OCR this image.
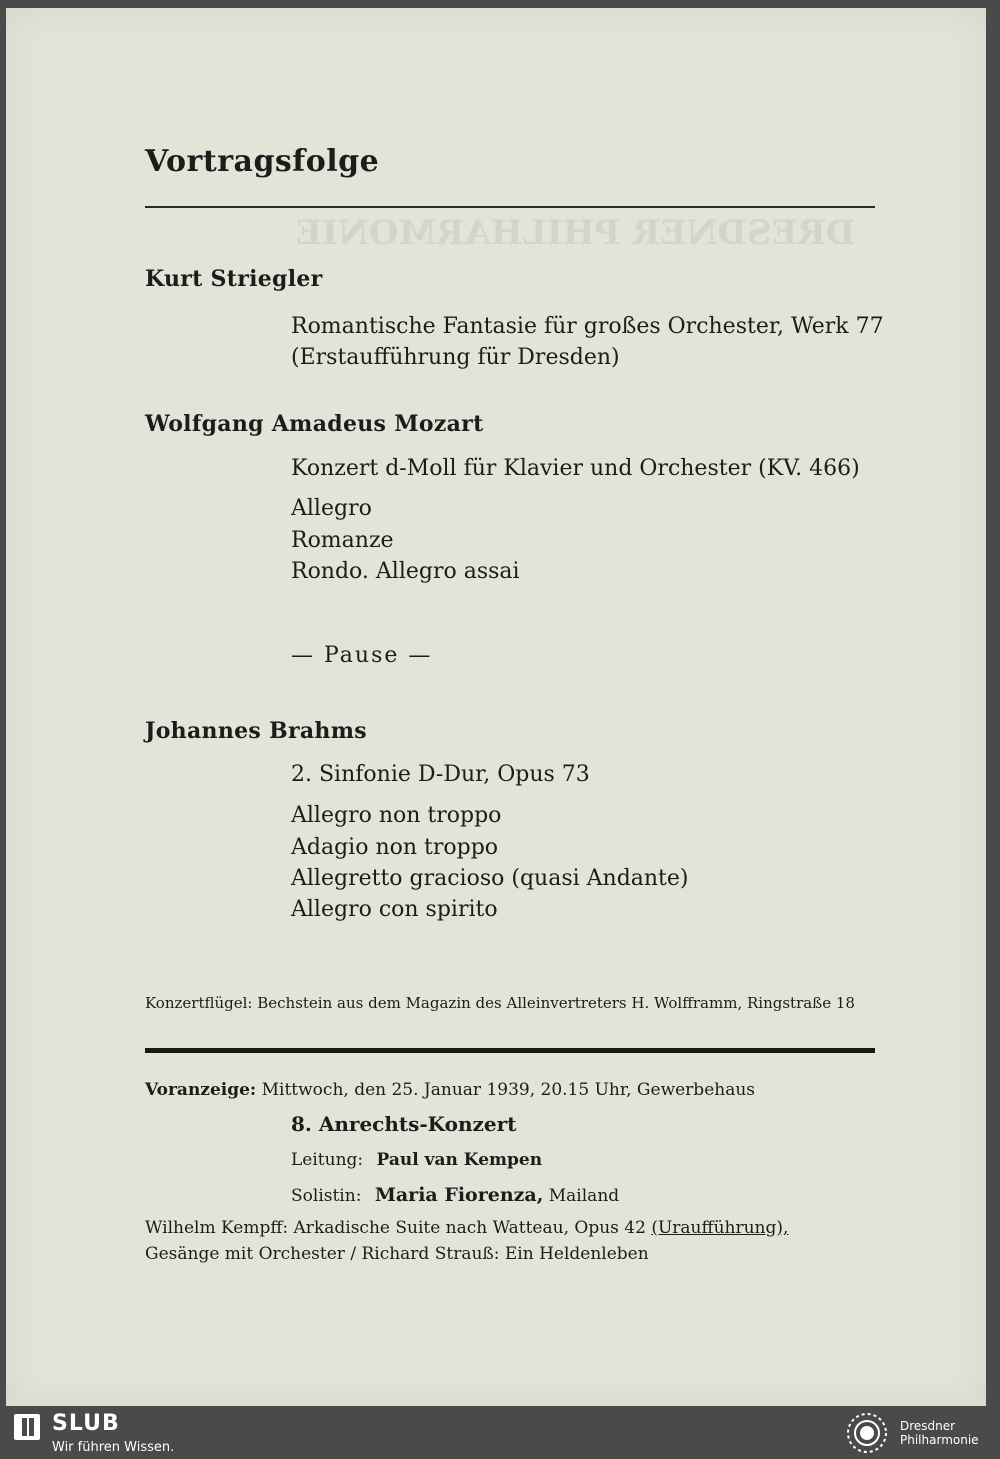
DRESDNER PHILHARMONIE
Vortragsfolge
Kurt Striegler
Romantische Fantasie für großes Orchester, Werk 77
(Erstaufführung für Dresden)
Wolfgang Amadeus Mozart
Konzert d-Moll für Klavier und Orchester (KV. 466)
Allegro
Romanze
Rondo. Allegro assai
— Pause —
Johannes Brahms
2. Sinfonie D-Dur, Opus 73
Allegro non troppo
Adagio non troppo
Allegretto gracioso (quasi Andante)
Allegro con spirito
Konzertflügel: Bechstein aus dem Magazin des Alleinvertreters H. Wolfframm, Ringstraße 18
Voranzeige: Mittwoch, den 25. Januar 1939, 20.15 Uhr, Gewerbehaus
8. Anrechts-Konzert
Leitung: Paul van Kempen
Solistin: Maria Fiorenza, Mailand
Wilhelm Kempff: Arkadische Suite nach Watteau, Opus 42 (Uraufführung),
Gesänge mit Orchester / Richard Strauß: Ein Heldenleben
SLUB
Wir führen Wissen.
Dresdner
Philharmonie
